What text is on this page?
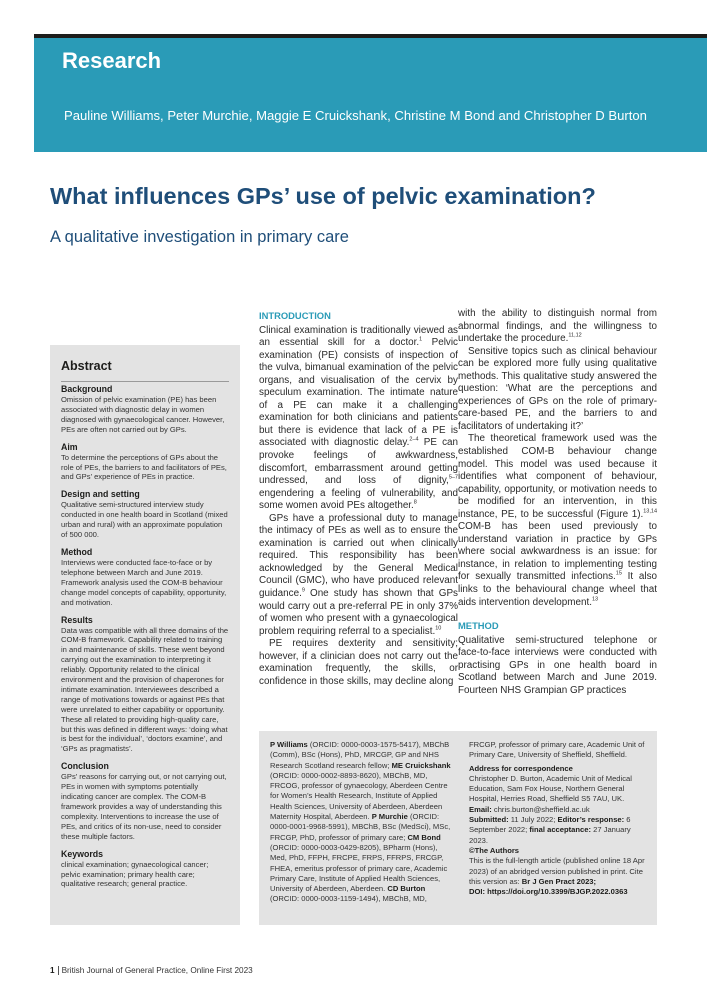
Research
Pauline Williams, Peter Murchie, Maggie E Cruickshank, Christine M Bond and Christopher D Burton
What influences GPs’ use of pelvic examination?
A qualitative investigation in primary care
Abstract
Background

Omission of pelvic examination (PE) has been associated with diagnostic delay in women diagnosed with gynaecological cancer. However, PEs are often not carried out by GPs.

Aim

To determine the perceptions of GPs about the role of PEs, the barriers to and facilitators of PEs, and GPs’ experience of PEs in practice.

Design and setting

Qualitative semi-structured interview study conducted in one health board in Scotland (mixed urban and rural) with an approximate population of 500 000.

Method

Interviews were conducted face-to-face or by telephone between March and June 2019. Framework analysis used the COM-B behaviour change model concepts of capability, opportunity, and motivation.

Results

Data was compatible with all three domains of the COM-B framework. Capability related to training in and maintenance of skills. These went beyond carrying out the examination to interpreting it reliably. Opportunity related to the clinical environment and the provision of chaperones for intimate examination. Interviewees described a range of motivations towards or against PEs that were unrelated to either capability or opportunity. These all related to providing high-quality care, but this was defined in different ways: ‘doing what is best for the individual’, ‘doctors examine’, and ‘GPs as pragmatists’.

Conclusion

GPs’ reasons for carrying out, or not carrying out, PEs in women with symptoms potentially indicating cancer are complex. The COM-B framework provides a way of understanding this complexity. Interventions to increase the use of PEs, and critics of its non-use, need to consider these multiple factors.

Keywords

clinical examination; gynaecological cancer; pelvic examination; primary health care; qualitative research; general practice.

INTRODUCTION

Clinical examination is traditionally viewed as an essential skill for a doctor.$^1$ Pelvic examination (PE) consists of inspection of the vulva, bimanual examination of the pelvic organs, and visualisation of the cervix by speculum examination. The intimate nature of a PE can make it a challenging examination for both clinicians and patients but there is evidence that lack of a PE is associated with diagnostic delay.$^{2-4}$ PE can provoke feelings of awkwardness, discomfort, embarrassment around getting undressed, and loss of dignity,$^{5-7}$ engendering a feeling of vulnerability, and some women avoid PEs altogether.$^8$

GPs have a professional duty to manage the intimacy of PEs as well as to ensure the examination is carried out when clinically required. This responsibility has been acknowledged by the General Medical Council (GMC), who have produced relevant guidance.$^9$ One study has shown that GPs would carry out a pre-referral PE in only 37% of women who present with a gynaecological problem requiring referral to a specialist.$^{10}$

PE requires dexterity and sensitivity; however, if a clinician does not carry out the examination frequently, the skills, or confidence in those skills, may decline along

with the ability to distinguish normal from abnormal findings, and the willingness to undertake the procedure.$^{11,12}$

Sensitive topics such as clinical behaviour can be explored more fully using qualitative methods. This qualitative study answered the question: ‘What are the perceptions and experiences of GPs on the role of primary-care-based PE, and the barriers to and facilitators of undertaking it?’

The theoretical framework used was the established COM-B behaviour change model. This model was used because it identifies what component of behaviour, capability, opportunity, or motivation needs to be modified for an intervention, in this instance, PE, to be successful (Figure 1).$^{13,14}$ COM-B has been used previously to understand variation in practice by GPs where social awkwardness is an issue: for instance, in relation to implementing testing for sexually transmitted infections.$^{15}$ It also links to the behavioural change wheel that aids intervention development.$^{13}$

METHOD

Qualitative semi-structured telephone or face-to-face interviews were conducted with practising GPs in one health board in Scotland between March and June 2019. Fourteen NHS Grampian GP practices

P Williams (ORCID: 0000-0003-1575-5417), MBChB (Comm), BSc (Hons), PhD, MRCGP, GP and NHS Research Scotland research fellow; ME Cruickshank (ORCID: 0000-0002-8893-8620), MBChB, MD, FRCOG, professor of gynaecology, Aberdeen Centre for Women’s Health Research, Institute of Applied Health Sciences, University of Aberdeen, Aberdeen Maternity Hospital, Aberdeen. P Murchie (ORCID: 0000-0001-9968-5991), MBChB, BSc (MedSci), MSc, FRCGP, PhD, professor of primary care; CM Bond (ORCID: 0000-0003-0429-8205), BPharm (Hons), Med, PhD, FFPH, FRCPE, FRPS, FFRPS, FRCGP, FHEA, emeritus professor of primary care, Academic Primary Care, Institute of Applied Health Sciences, University of Aberdeen, Aberdeen. CD Burton (ORCID: 0000-0003-1159-1494), MBChB, MD,
FRCGP, professor of primary care, Academic Unit of Primary Care, University of Sheffield, Sheffield.
Address for correspondence
Christopher D. Burton, Academic Unit of Medical Education, Sam Fox House, Northern General Hospital, Herries Road, Sheffield S5 7AU, UK.
Email: chris.burton@sheffield.ac.uk
Submitted: 11 July 2022; Editor’s response: 6 September 2022; final acceptance: 27 January 2023.
©The Authors
This is the full-length article (published online 18 Apr 2023) of an abridged version published in print. Cite this version as: Br J Gen Pract 2023;
DOI: https://doi.org/10.3399/BJGP.2022.0363
1 British Journal of General Practice, Online First 2023
